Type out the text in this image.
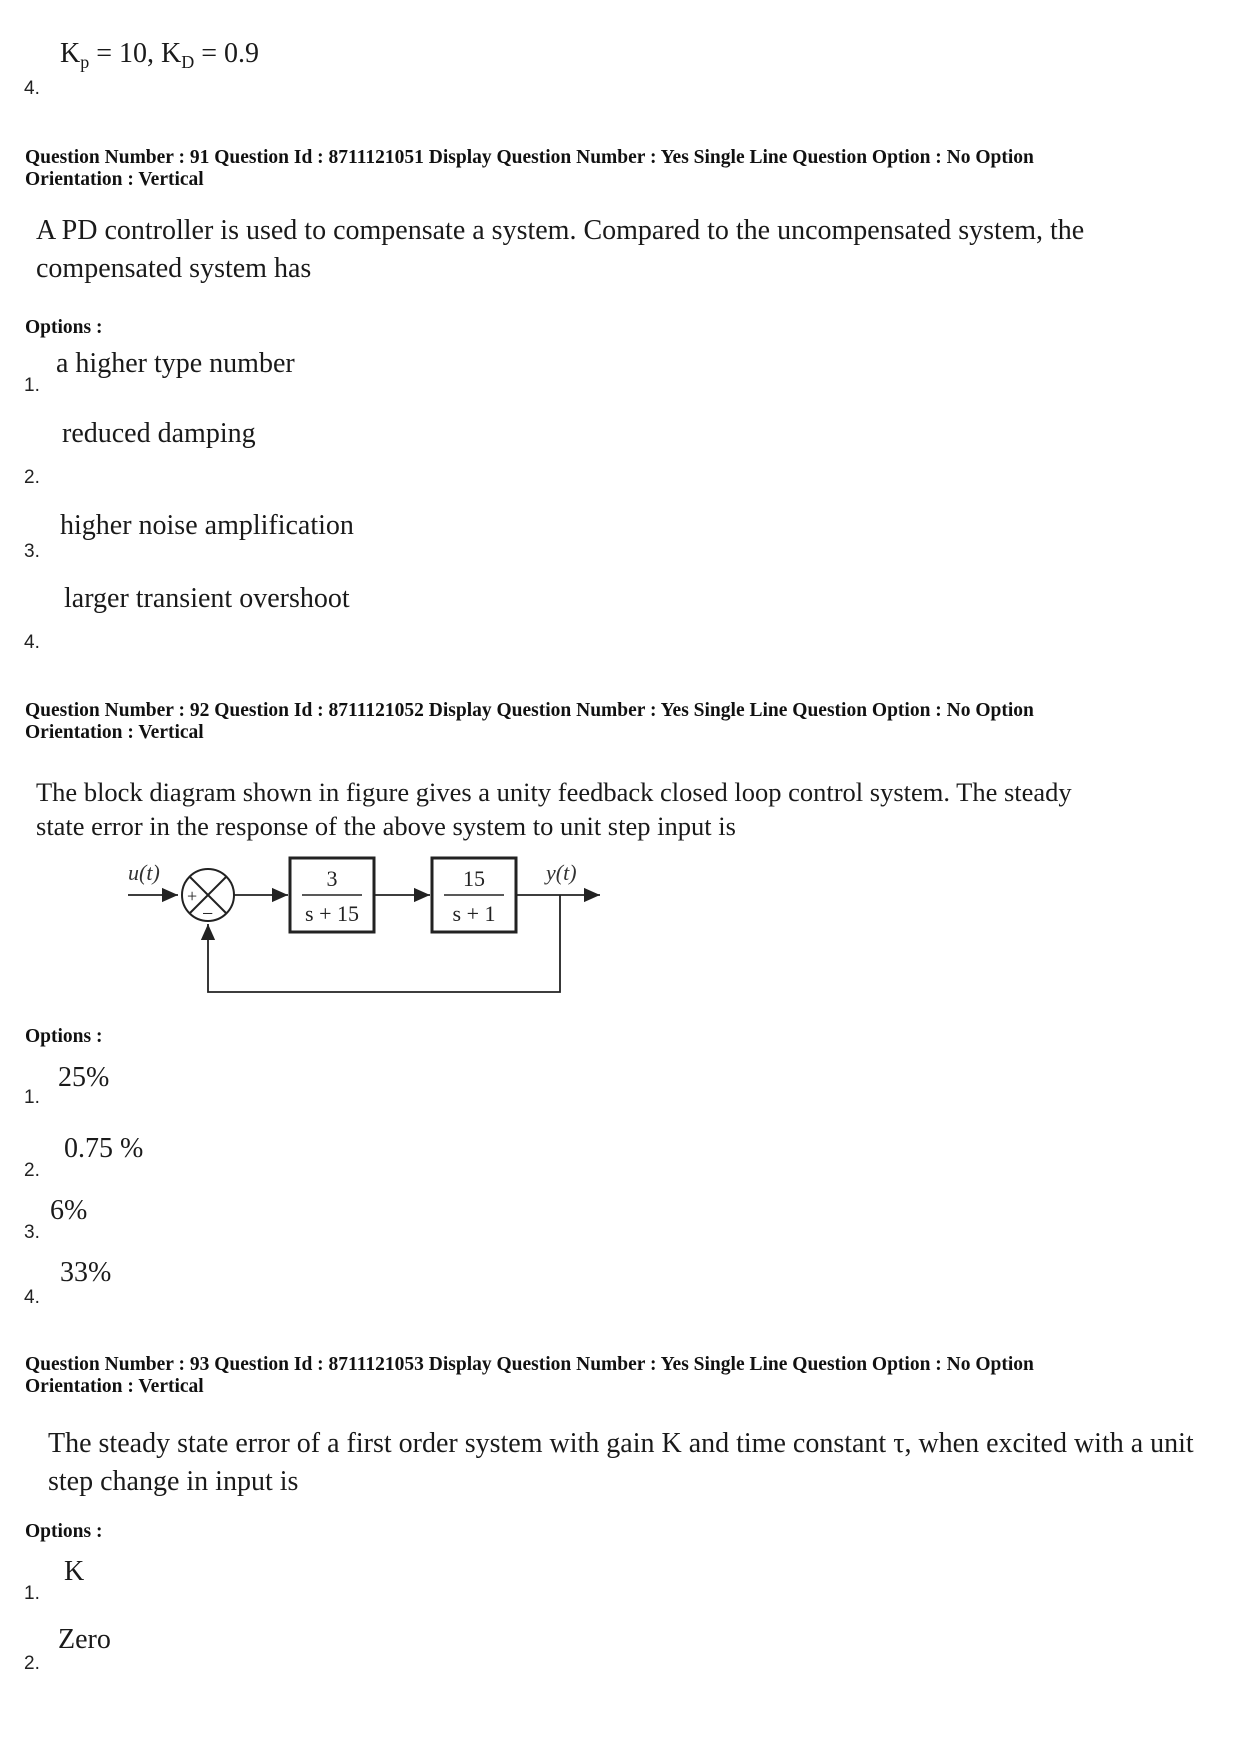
$K_p = 10$, $K_D = 0.9$
4.
Question Number : 91 Question Id : 8711121051 Display Question Number : Yes Single Line Question Option : No Option
Orientation : Vertical
A PD controller is used to compensate a system. Compared to the uncompensated system, the compensated system has
Options :
a higher type number
1.
reduced damping
2.
higher noise amplification
3.
larger transient overshoot
4.
Question Number : 92 Question Id : 8711121052 Display Question Number : Yes Single Line Question Option : No Option
Orientation : Vertical
The block diagram shown in figure gives a unity feedback closed loop control system. The steady state error in the response of the above system to unit step input is
u(t)
+
−
3
s + 15
15
s + 1
y(t)
Options :
25%
1.
0.75 %
2.
6%
3.
33%
4.
Question Number : 93 Question Id : 8711121053 Display Question Number : Yes Single Line Question Option : No Option
Orientation : Vertical
The steady state error of a first order system with gain K and time constant τ, when excited with a unit step change in input is
Options :
K
1.
Zero
2.
